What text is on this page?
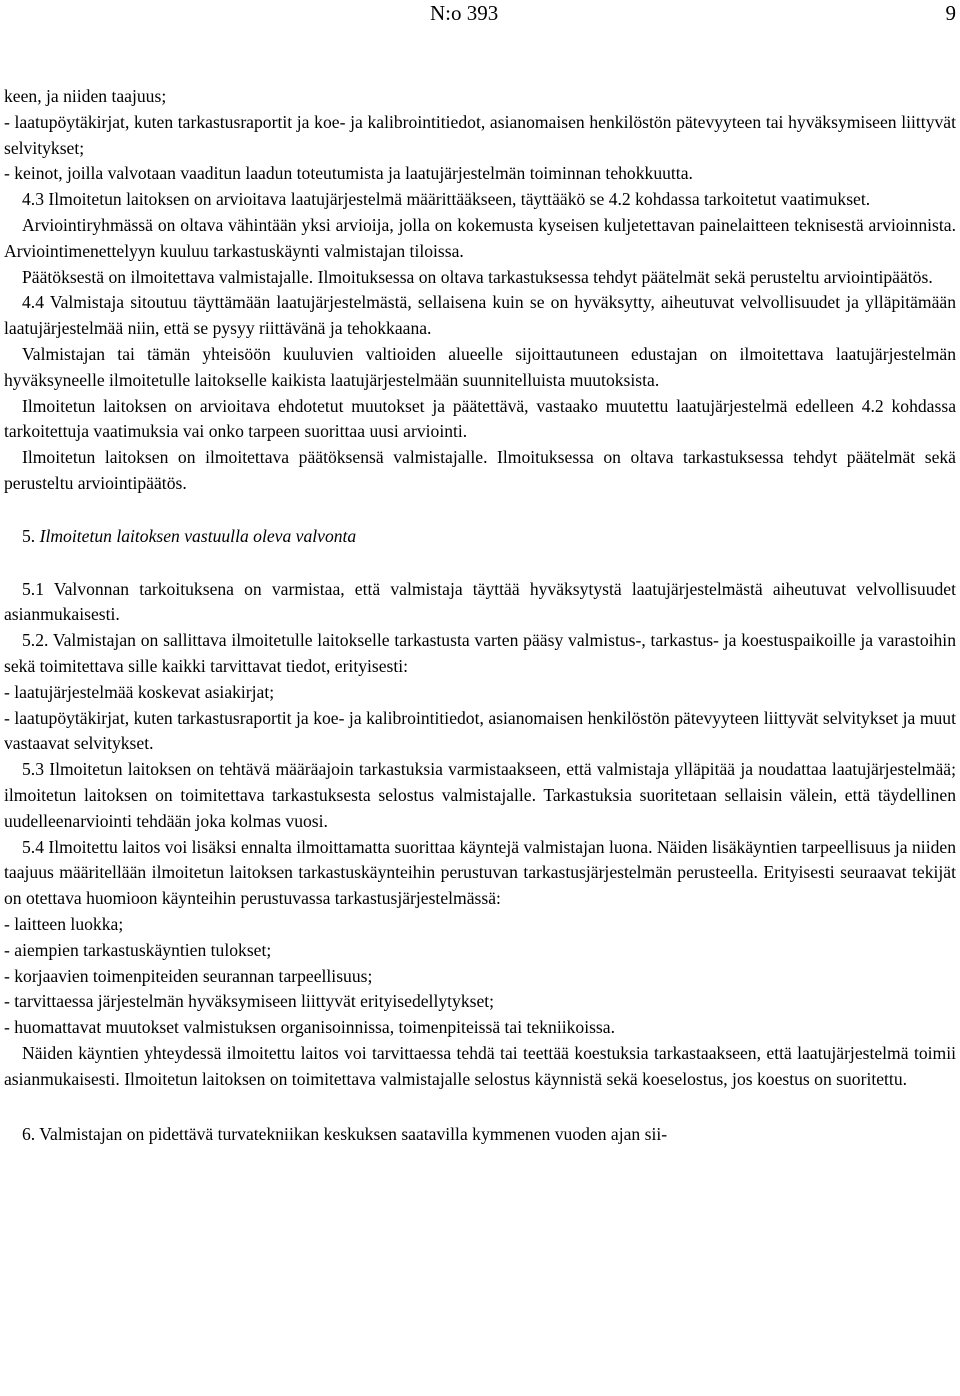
N:o 393	9

keen, ja niiden taajuus;

- laatupöytäkirjat, kuten tarkastusraportit ja koe- ja kalibrointitiedot, asianomaisen henkilöstön pätevyyteen tai hyväksymiseen liittyvät selvitykset;

- keinot, joilla valvotaan vaaditun laadun toteutumista ja laatujärjestelmän toiminnan tehokkuutta.

4.3 Ilmoitetun laitoksen on arvioitava laatujärjestelmä määrittääkseen, täyttääkö se 4.2 kohdassa tarkoitetut vaatimukset.

Arviointiryhmässä on oltava vähintään yksi arvioija, jolla on kokemusta kyseisen kuljetettavan painelaitteen teknisestä arvioinnista. Arviointimenettelyyn kuuluu tarkastuskäynti valmistajan tiloissa.

Päätöksestä on ilmoitettava valmistajalle. Ilmoituksessa on oltava tarkastuksessa tehdyt päätelmät sekä perusteltu arviointipäätös.

4.4 Valmistaja sitoutuu täyttämään laatujärjestelmästä, sellaisena kuin se on hyväksytty, aiheutuvat velvollisuudet ja ylläpitämään laatujärjestelmää niin, että se pysyy riittävänä ja tehokkaana.

Valmistajan tai tämän yhteisöön kuuluvien valtioiden alueelle sijoittautuneen edustajan on ilmoitettava laatujärjestelmän hyväksyneelle ilmoitetulle laitokselle kaikista laatujärjestelmään suunnitelluista muutoksista.

Ilmoitetun laitoksen on arvioitava ehdotetut muutokset ja päätettävä, vastaako muutettu laatujärjestelmä edelleen 4.2 kohdassa tarkoitettuja vaatimuksia vai onko tarpeen suorittaa uusi arviointi.

Ilmoitetun laitoksen on ilmoitettava päätöksensä valmistajalle. Ilmoituksessa on oltava tarkastuksessa tehdyt päätelmät sekä perusteltu arviointipäätös.

5. Ilmoitetun laitoksen vastuulla oleva valvonta

5.1 Valvonnan tarkoituksena on varmistaa, että valmistaja täyttää hyväksytystä laatujärjestelmästä aiheutuvat velvollisuudet asianmukaisesti.

5.2. Valmistajan on sallittava ilmoitetulle laitokselle tarkastusta varten pääsy valmistus-, tarkastus- ja koestuspaikoille ja varastoihin sekä toimitettava sille kaikki tarvittavat tiedot, erityisesti:

- laatujärjestelmää koskevat asiakirjat;

- laatupöytäkirjat, kuten tarkastusraportit ja koe- ja kalibrointitiedot, asianomaisen henkilöstön pätevyyteen liittyvät selvitykset ja muut vastaavat selvitykset.

5.3 Ilmoitetun laitoksen on tehtävä määräajoin tarkastuksia varmistaakseen, että valmistaja ylläpitää ja noudattaa laatujärjestelmää; ilmoitetun laitoksen on toimitettava tarkastuksesta selostus valmistajalle. Tarkastuksia suoritetaan sellaisin välein, että täydellinen uudelleenarviointi tehdään joka kolmas vuosi.

5.4 Ilmoitettu laitos voi lisäksi ennalta ilmoittamatta suorittaa käyntejä valmistajan luona. Näiden lisäkäyntien tarpeellisuus ja niiden taajuus määritellään ilmoitetun laitoksen tarkastuskäynteihin perustuvan tarkastusjärjestelmän perusteella. Erityisesti seuraavat tekijät on otettava huomioon käynteihin perustuvassa tarkastusjärjestelmässä:

- laitteen luokka;

- aiempien tarkastuskäyntien tulokset;

- korjaavien toimenpiteiden seurannan tarpeellisuus;

- tarvittaessa järjestelmän hyväksymiseen liittyvät erityisedellytykset;

- huomattavat muutokset valmistuksen organisoinnissa, toimenpiteissä tai tekniikoissa.

Näiden käyntien yhteydessä ilmoitettu laitos voi tarvittaessa tehdä tai teettää koestuksia tarkastaakseen, että laatujärjestelmä toimii asianmukaisesti. Ilmoitetun laitoksen on toimitettava valmistajalle selostus käynnistä sekä koeselostus, jos koestus on suoritettu.

6. Valmistajan on pidettävä turvatekniikan keskuksen saatavilla kymmenen vuoden ajan sii-
